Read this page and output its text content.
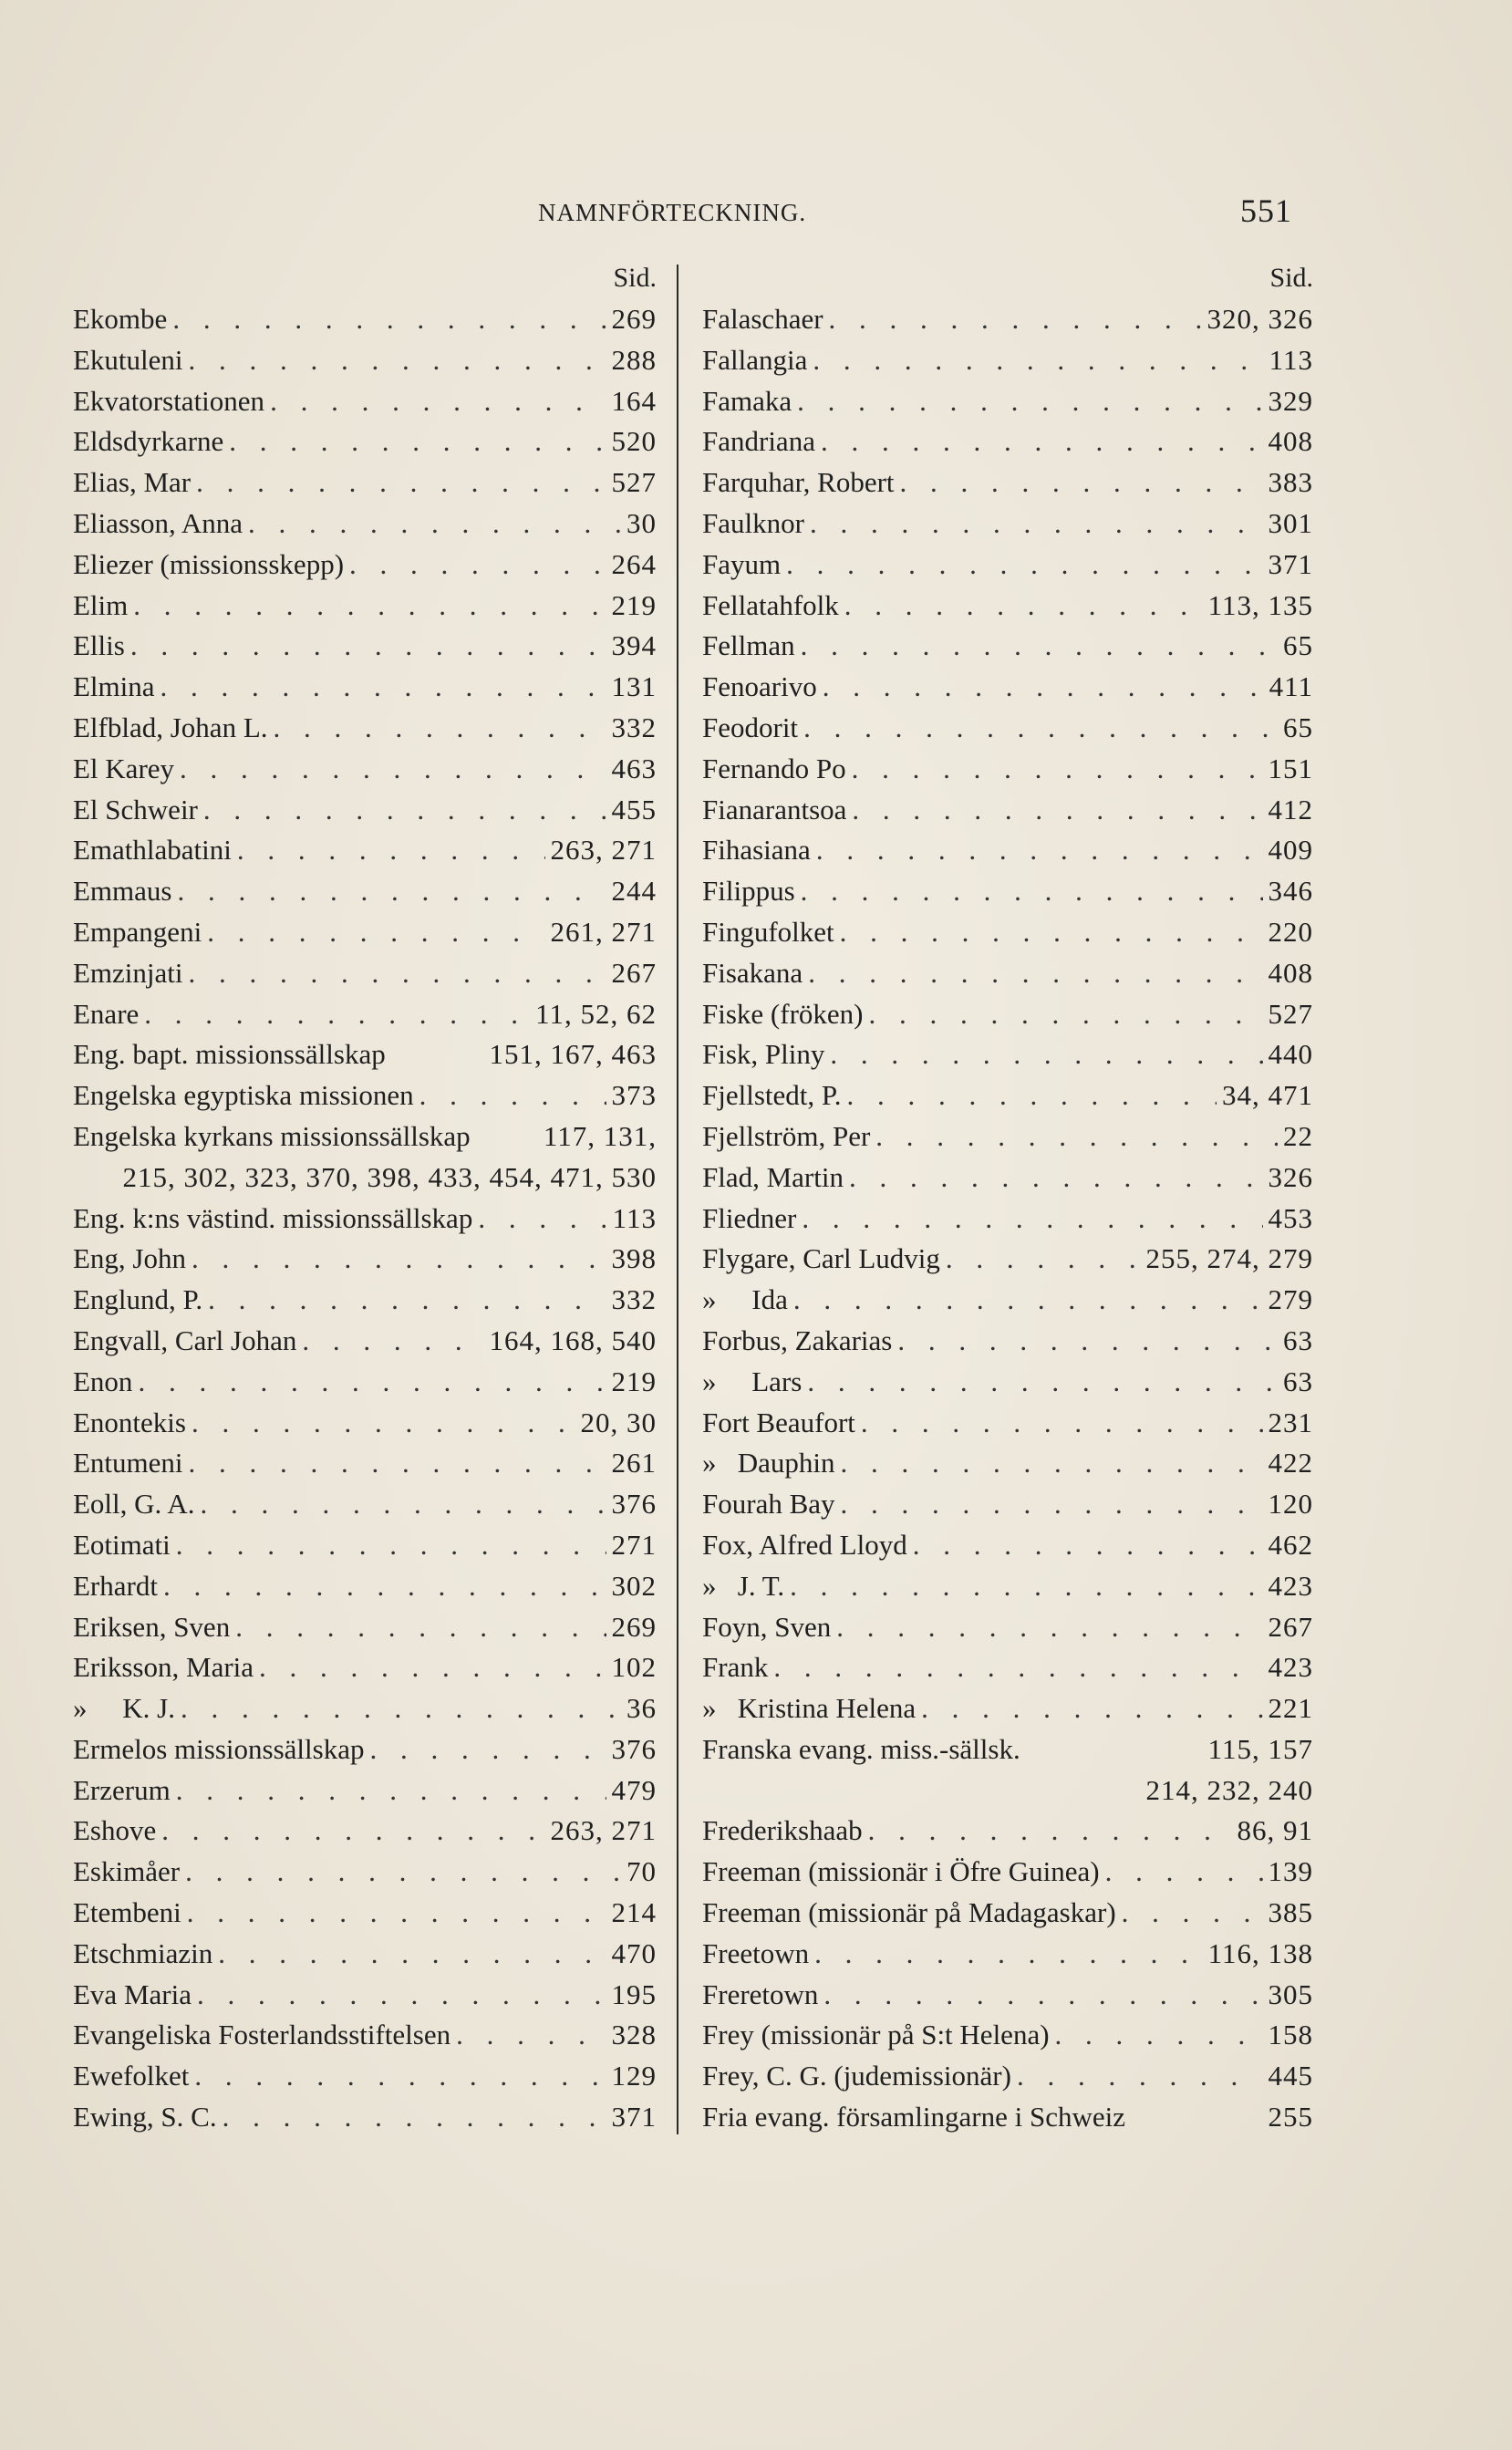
NAMNFÖRTECKNING.	551
Sid.
Ekombe . . .	269
Ekutuleni . . .	288
Ekvatorstationen . . .	164
Eldsdyrkarne . . .	520
Elias, Mar . . .	527
Eliasson, Anna . . .	30
Eliezer (missionsskepp) . . .	264
Elim . . .	219
Ellis . . .	394
Elmina . . .	131
Elfblad, Johan L. . . .	332
El Karey . . .	463
El Schweir . . .	455
Emathlabatini . . .	263, 271
Emmaus . . .	244
Empangeni . . .	261, 271
Emzinjati . . .	267
Enare . . .	11, 52, 62
Eng. bapt. missionssällskap	151, 167, 463
Engelska egyptiska missionen . . .	373
Engelska kyrkans missionssällskap	117, 131,
215, 302, 323, 370, 398, 433, 454, 471, 530
Eng. k:ns västind. missionssällskap . . .	113
Eng, John . . .	398
Englund, P. . . .	332
Engvall, Carl Johan . . .	164, 168, 540
Enon . . .	219
Enontekis . . .	20, 30
Entumeni . . .	261
Eoll, G. A. . . .	376
Eotimati . . .	271
Erhardt . . .	302
Eriksen, Sven . . .	269
Eriksson, Maria . . .	102
»     K. J. . . .	36
Ermelos missionssällskap . . .	376
Erzerum . . .	479
Eshove . . .	263, 271
Eskimåer . . .	70
Etembeni . . .	214
Etschmiazin . . .	470
Eva Maria . . .	195
Evangeliska Fosterlandsstiftelsen . . .	328
Ewefolket . . .	129
Ewing, S. C. . . .	371
Sid.
Falaschaer . . .	320, 326
Fallangia . . .	113
Famaka . . .	329
Fandriana . . .	408
Farquhar, Robert . . .	383
Faulknor . . .	301
Fayum . . .	371
Fellatahfolk . . .	113, 135
Fellman . . .	65
Fenoarivo . . .	411
Feodorit . . .	65
Fernando Po . . .	151
Fianarantsoa . . .	412
Fihasiana . . .	409
Filippus . . .	346
Fingufolket . . .	220
Fisakana . . .	408
Fiske (fröken) . . .	527
Fisk, Pliny . . .	440
Fjellstedt, P. . . .	34, 471
Fjellström, Per . . .	22
Flad, Martin . . .	326
Fliedner . . .	453
Flygare, Carl Ludvig . . .	255, 274, 279
»     Ida . . .	279
Forbus, Zakarias . . .	63
»     Lars . . .	63
Fort Beaufort . . .	231
»   Dauphin . . .	422
Fourah Bay . . .	120
Fox, Alfred Lloyd . . .	462
»   J. T. . . .	423
Foyn, Sven . . .	267
Frank . . .	423
»   Kristina Helena . . .	221
Franska evang. miss.-sällsk.	115, 157
214, 232, 240
Frederikshaab . . .	86, 91
Freeman (missionär i Öfre Guinea) . . .	139
Freeman (missionär på Madagaskar) . . .	385
Freetown . . .	116, 138
Freretown . . .	305
Frey (missionär på S:t Helena) . . .	158
Frey, C. G. (judemissionär) . . .	445
Fria evang. församlingarne i Schweiz	255
